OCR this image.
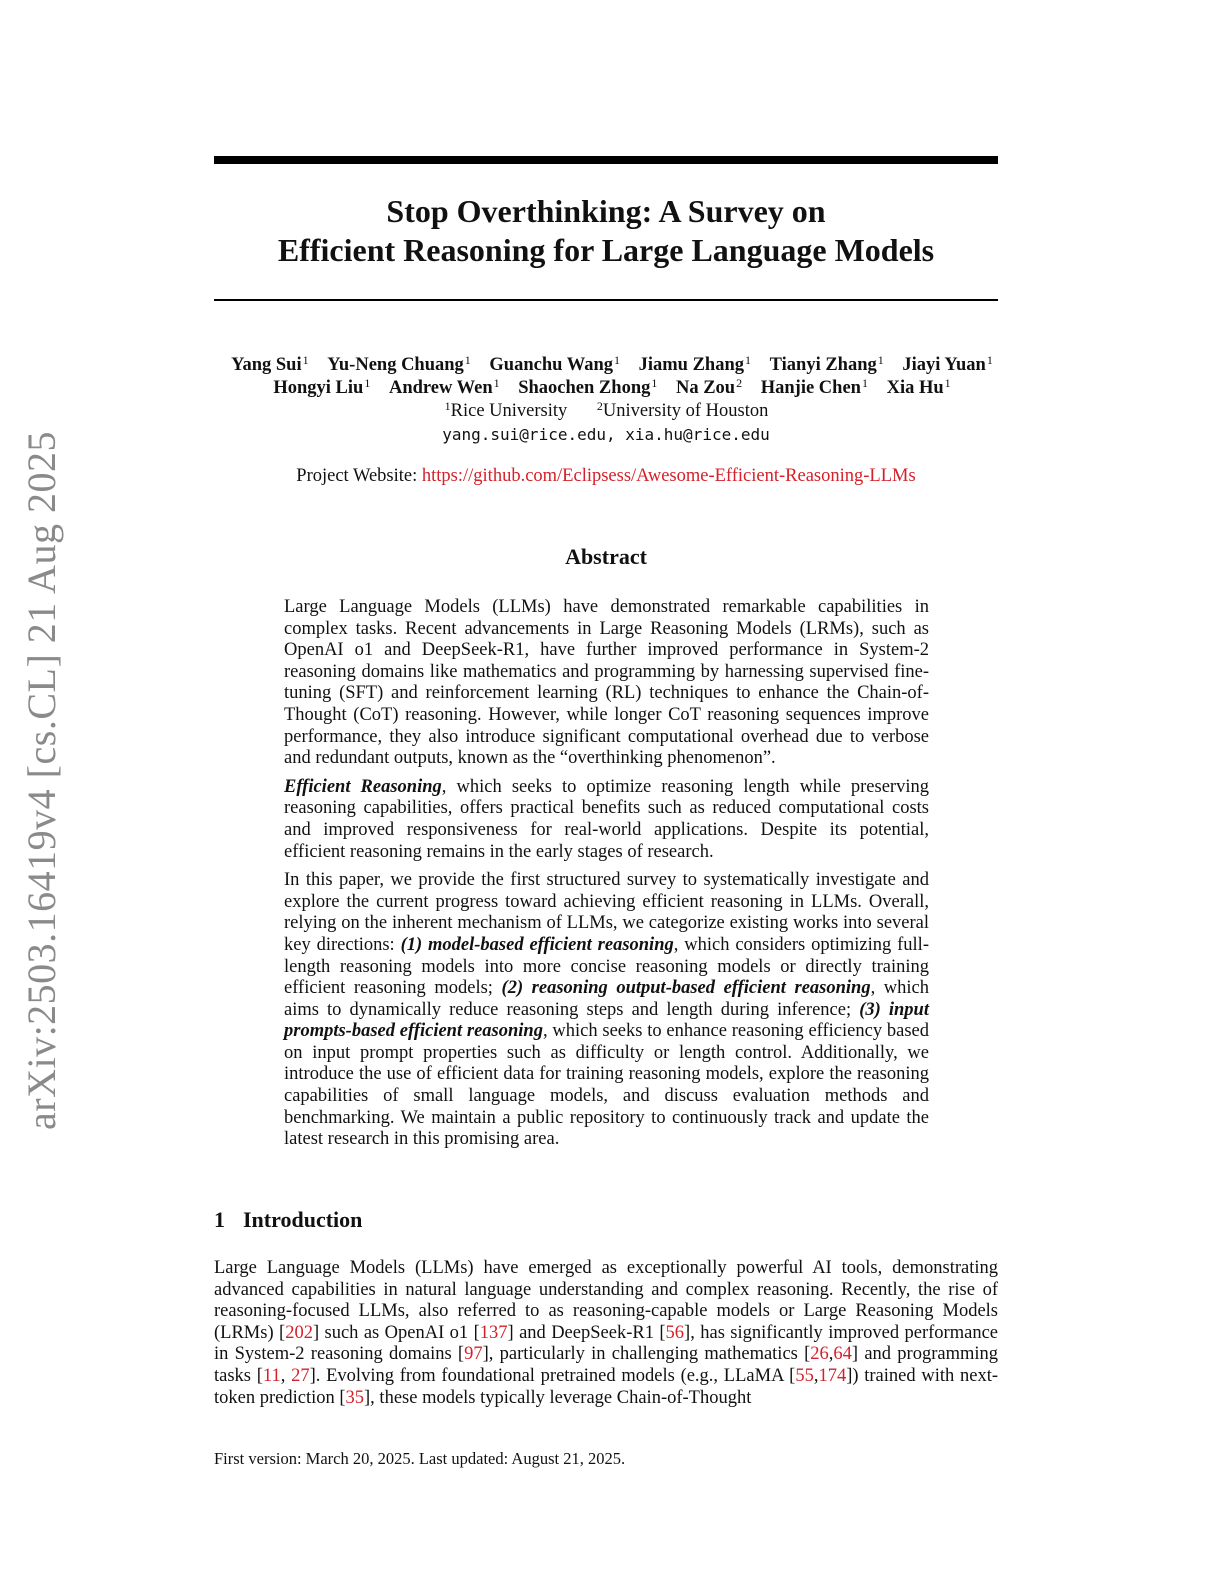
arXiv:2503.16419v4 [cs.CL] 21 Aug 2025
Stop Overthinking: A Survey on
Efficient Reasoning for Large Language Models
Yang Sui$^1$ Yu-Neng Chuang$^1$ Guanchu Wang$^1$ Jiamu Zhang$^1$ Tianyi Zhang$^1$ Jiayi Yuan$^1$
Hongyi Liu$^1$ Andrew Wen$^1$ Shaochen Zhong$^1$ Na Zou$^2$ Hanjie Chen$^1$ Xia Hu$^1$
$^1$Rice University $^2$University of Houston
yang.sui@rice.edu, xia.hu@rice.edu
Project Website: https://github.com/Eclipsess/Awesome-Efficient-Reasoning-LLMs
Abstract

Large Language Models (LLMs) have demonstrated remarkable capabilities in complex tasks. Recent advancements in Large Reasoning Models (LRMs), such as OpenAI o1 and DeepSeek-R1, have further improved performance in System-2 reasoning domains like mathematics and programming by harnessing supervised fine-tuning (SFT) and reinforcement learning (RL) techniques to enhance the Chain-of-Thought (CoT) reasoning. However, while longer CoT reasoning sequences improve performance, they also introduce significant computational overhead due to verbose and redundant outputs, known as the “overthinking phenomenon”.

Efficient Reasoning, which seeks to optimize reasoning length while preserving reasoning capabilities, offers practical benefits such as reduced computational costs and improved responsiveness for real-world applications. Despite its potential, efficient reasoning remains in the early stages of research.

In this paper, we provide the first structured survey to systematically investigate and explore the current progress toward achieving efficient reasoning in LLMs. Overall, relying on the inherent mechanism of LLMs, we categorize existing works into several key directions: (1) model-based efficient reasoning, which considers optimizing full-length reasoning models into more concise reasoning models or directly training efficient reasoning models; (2) reasoning output-based efficient reasoning, which aims to dynamically reduce reasoning steps and length during inference; (3) input prompts-based efficient reasoning, which seeks to enhance reasoning efficiency based on input prompt properties such as difficulty or length control. Additionally, we introduce the use of efficient data for training reasoning models, explore the reasoning capabilities of small language models, and discuss evaluation methods and benchmarking. We maintain a public repository to continuously track and update the latest research in this promising area.

1 Introduction
Large Language Models (LLMs) have emerged as exceptionally powerful AI tools, demonstrating advanced capabilities in natural language understanding and complex reasoning. Recently, the rise of reasoning-focused LLMs, also referred to as reasoning-capable models or Large Reasoning Models (LRMs) [202] such as OpenAI o1 [137] and DeepSeek-R1 [56], has significantly improved performance in System-2 reasoning domains [97], particularly in challenging mathematics [26,64] and programming tasks [11, 27]. Evolving from foundational pretrained models (e.g., LLaMA [55,174]) trained with next-token prediction [35], these models typically leverage Chain-of-Thought
First version: March 20, 2025. Last updated: August 21, 2025.
